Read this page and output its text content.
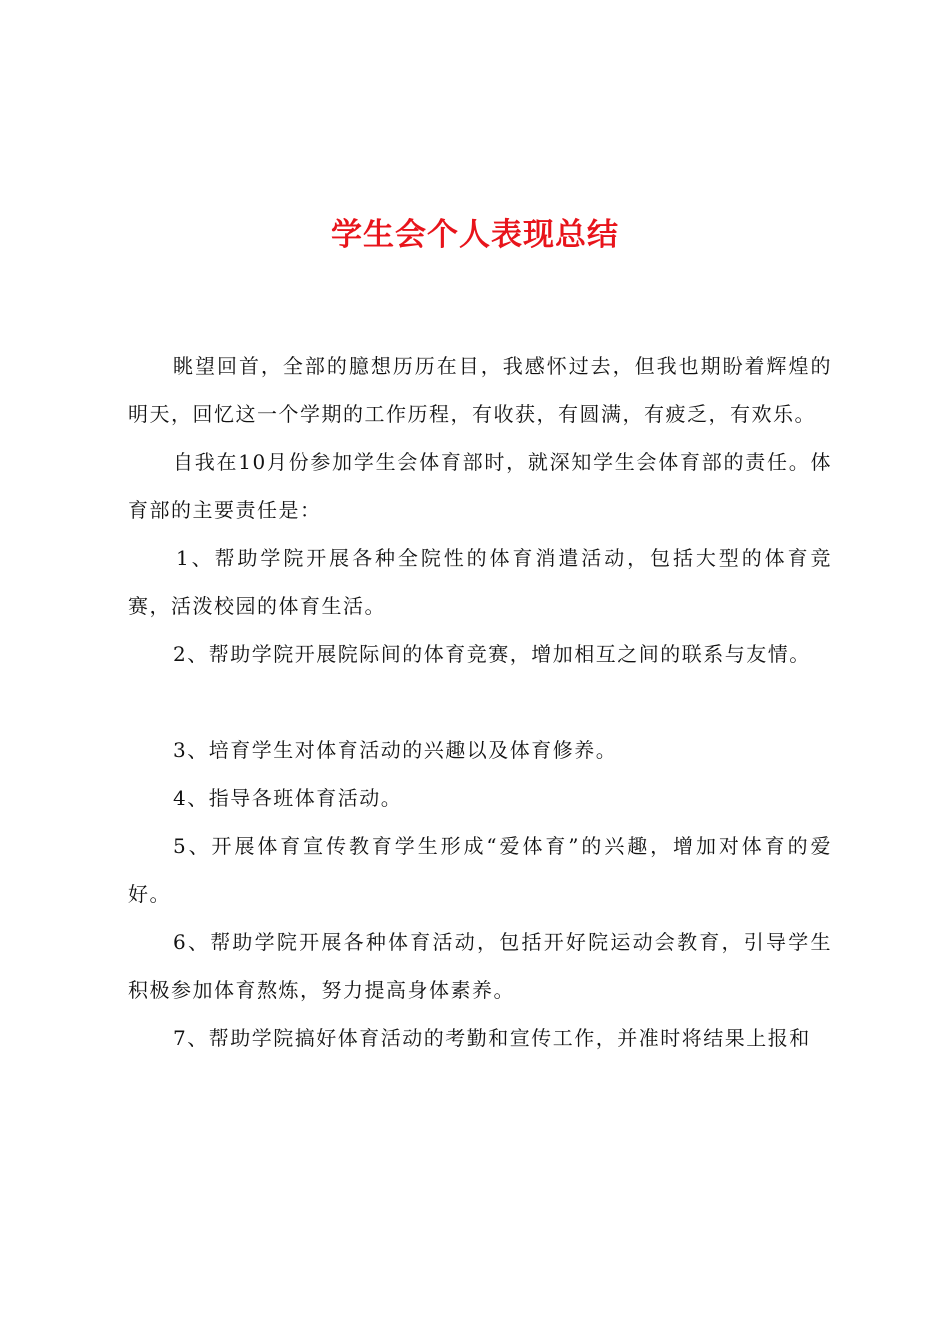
学生会个人表现总结

眺望回首，全部的臆想历历在目，我感怀过去，但我也期盼着辉煌的明天，回忆这一个学期的工作历程，有收获，有圆满，有疲乏，有欢乐。

自我在10月份参加学生会体育部时，就深知学生会体育部的责任。体育部的主要责任是：

1、帮助学院开展各种全院性的体育消遣活动，包括大型的体育竞赛，活泼校园的体育生活。

2、帮助学院开展院际间的体育竞赛，增加相互之间的联系与友情。

3、培育学生对体育活动的兴趣以及体育修养。

4、指导各班体育活动。

5、开展体育宣传教育学生形成“爱体育”的兴趣，增加对体育的爱好。

6、帮助学院开展各种体育活动，包括开好院运动会教育，引导学生积极参加体育熬炼，努力提高身体素养。

7、帮助学院搞好体育活动的考勤和宣传工作，并准时将结果上报和
